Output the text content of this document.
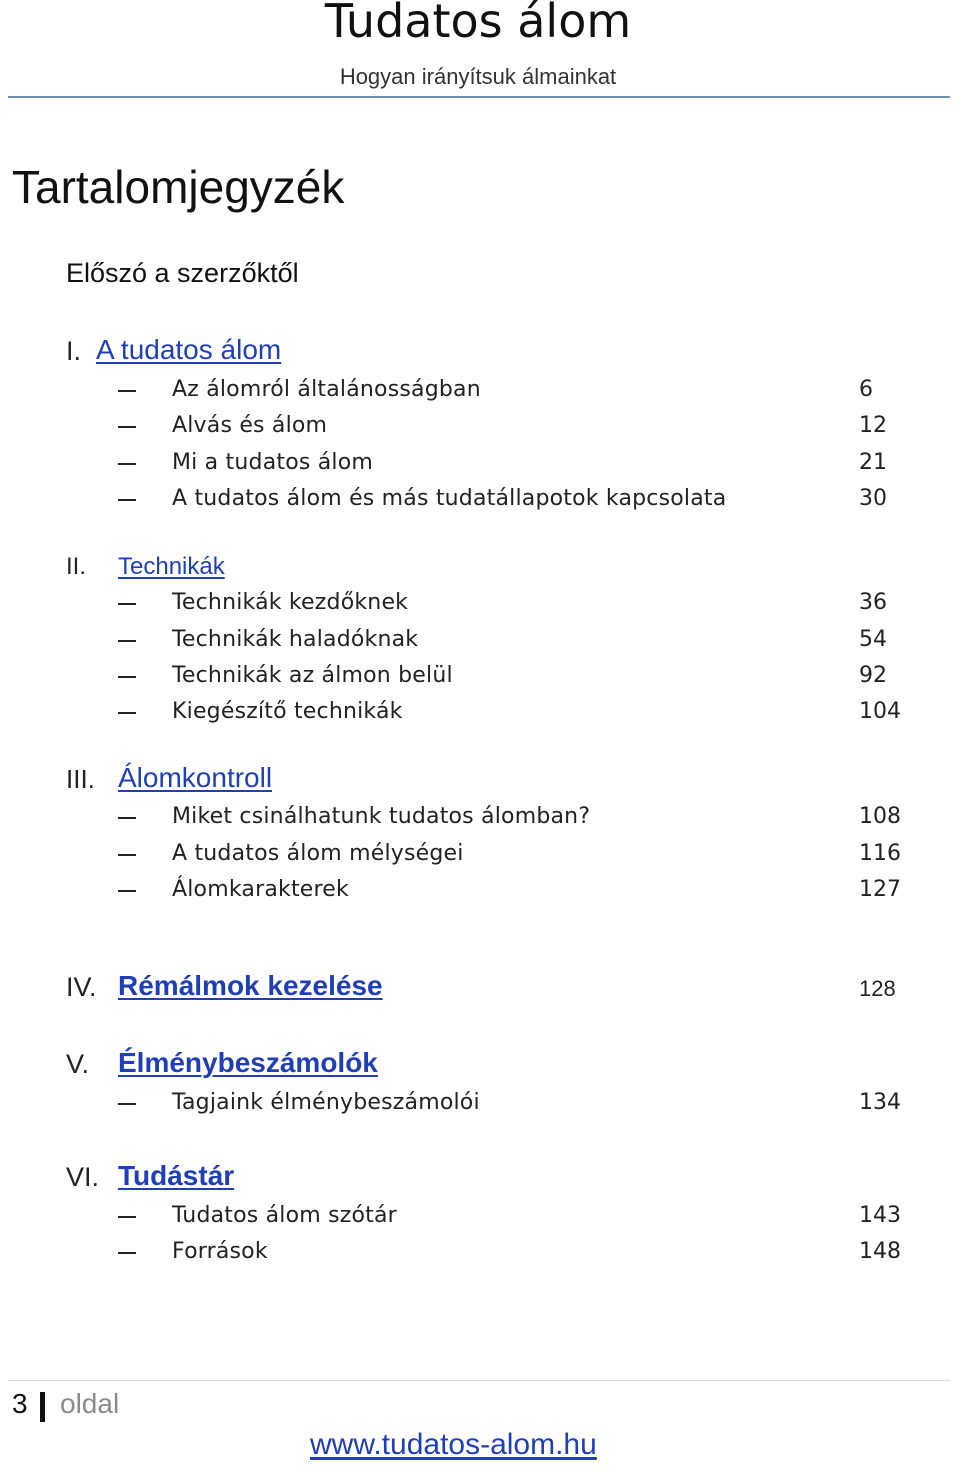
Tudatos álom
Hogyan irányítsuk álmainkat
Tartalomjegyzék
Előszó a szerzőktől
I. A tudatos álom
Az álomról általánosságban	6
Alvás és álom	12
Mi a tudatos álom	21
A tudatos álom és más tudatállapotok kapcsolata	30
II. Technikák
Technikák kezdőknek	36
Technikák haladóknak	54
Technikák az álmon belül	92
Kiegészítő technikák	104
III. Álomkontroll
Miket csinálhatunk tudatos álomban?	108
A tudatos álom mélységei	116
Álomkarakterek	127
IV. Rémálmok kezelése	128
V. Élménybeszámolók
Tagjaink élménybeszámolói	134
VI. Tudástár
Tudatos álom szótár	143
Források	148
3 oldal
www.tudatos-alom.hu
